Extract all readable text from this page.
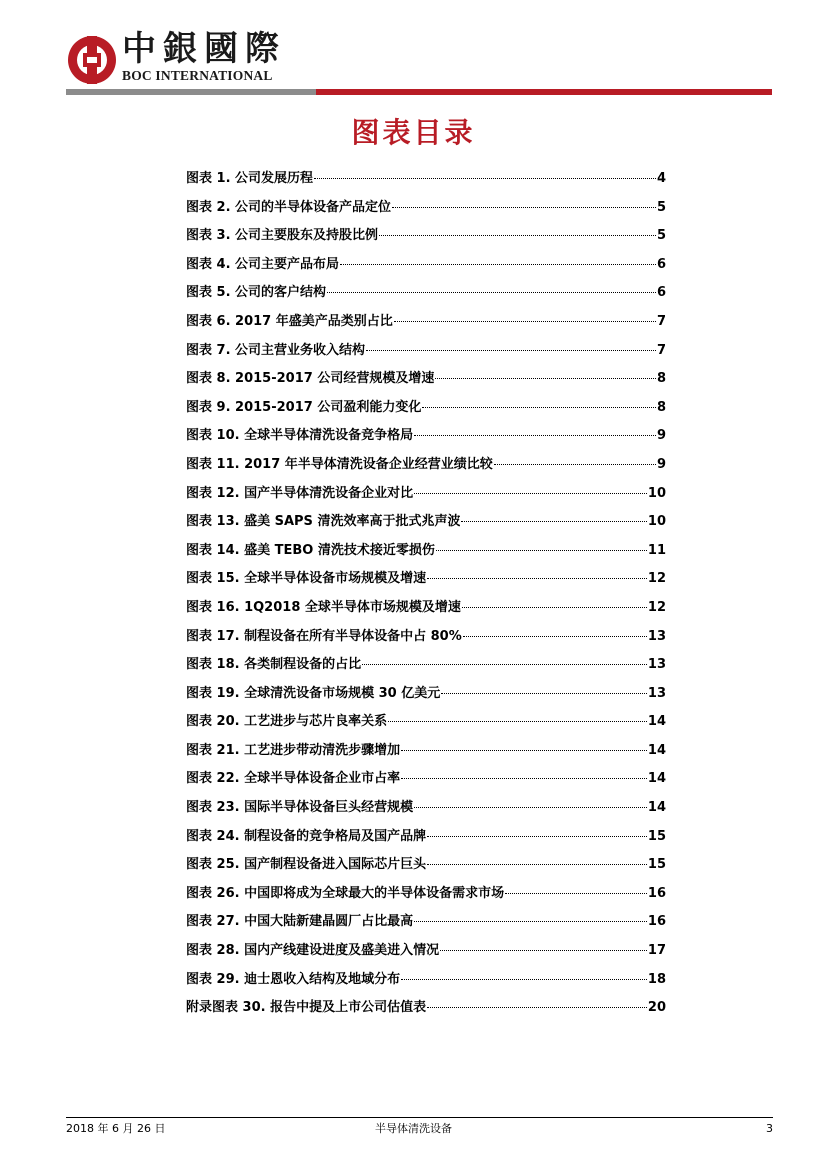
中銀國際
BOC INTERNATIONAL
图表目录
图表 1. 公司发展历程	4
图表 2. 公司的半导体设备产品定位	5
图表 3. 公司主要股东及持股比例	5
图表 4. 公司主要产品布局	6
图表 5. 公司的客户结构	6
图表 6. 2017 年盛美产品类别占比	7
图表 7. 公司主营业务收入结构	7
图表 8. 2015-2017 公司经营规模及增速	8
图表 9. 2015-2017 公司盈利能力变化	8
图表 10. 全球半导体清洗设备竞争格局	9
图表 11. 2017 年半导体清洗设备企业经营业绩比较	9
图表 12. 国产半导体清洗设备企业对比	10
图表 13. 盛美 SAPS 清洗效率高于批式兆声波	10
图表 14. 盛美 TEBO 清洗技术接近零损伤	11
图表 15. 全球半导体设备市场规模及增速	12
图表 16. 1Q2018 全球半导体市场规模及增速	12
图表 17. 制程设备在所有半导体设备中占 80%	13
图表 18. 各类制程设备的占比	13
图表 19. 全球清洗设备市场规模 30 亿美元	13
图表 20. 工艺进步与芯片良率关系	14
图表 21. 工艺进步带动清洗步骤增加	14
图表 22. 全球半导体设备企业市占率	14
图表 23. 国际半导体设备巨头经营规模	14
图表 24. 制程设备的竞争格局及国产品牌	15
图表 25. 国产制程设备进入国际芯片巨头	15
图表 26. 中国即将成为全球最大的半导体设备需求市场	16
图表 27. 中国大陆新建晶圆厂占比最高	16
图表 28. 国内产线建设进度及盛美进入情况	17
图表 29. 迪士恩收入结构及地域分布	18
附录图表 30. 报告中提及上市公司估值表	20
2018 年 6 月 26 日	半导体清洗设备	3
